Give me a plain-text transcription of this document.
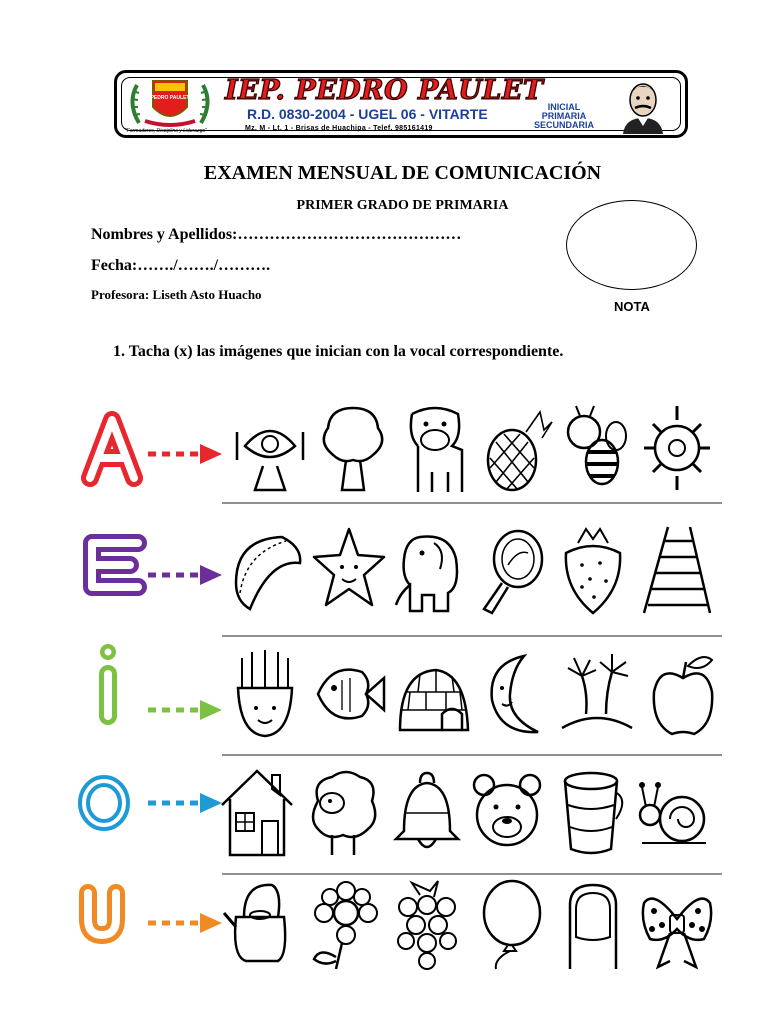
PEDRO PAULET
"Formadores, Disciplina y Liderazgo"
IEP. PEDRO PAULET
R.D. 0830-2004 - UGEL 06 - VITARTE
Mz. M - Lt. 1 - Brisas de Huachipa - Telef. 985161419
INICIAL
PRIMARIA
SECUNDARIA
EXAMEN MENSUAL DE COMUNICACIÓN
PRIMER GRADO DE PRIMARIA
Nombres y Apellidos:……………………………………
Fecha:……./……./……….
Profesora: Liseth Asto Huacho
NOTA
1. Tacha (x) las imágenes que inician con la vocal correspondiente.
